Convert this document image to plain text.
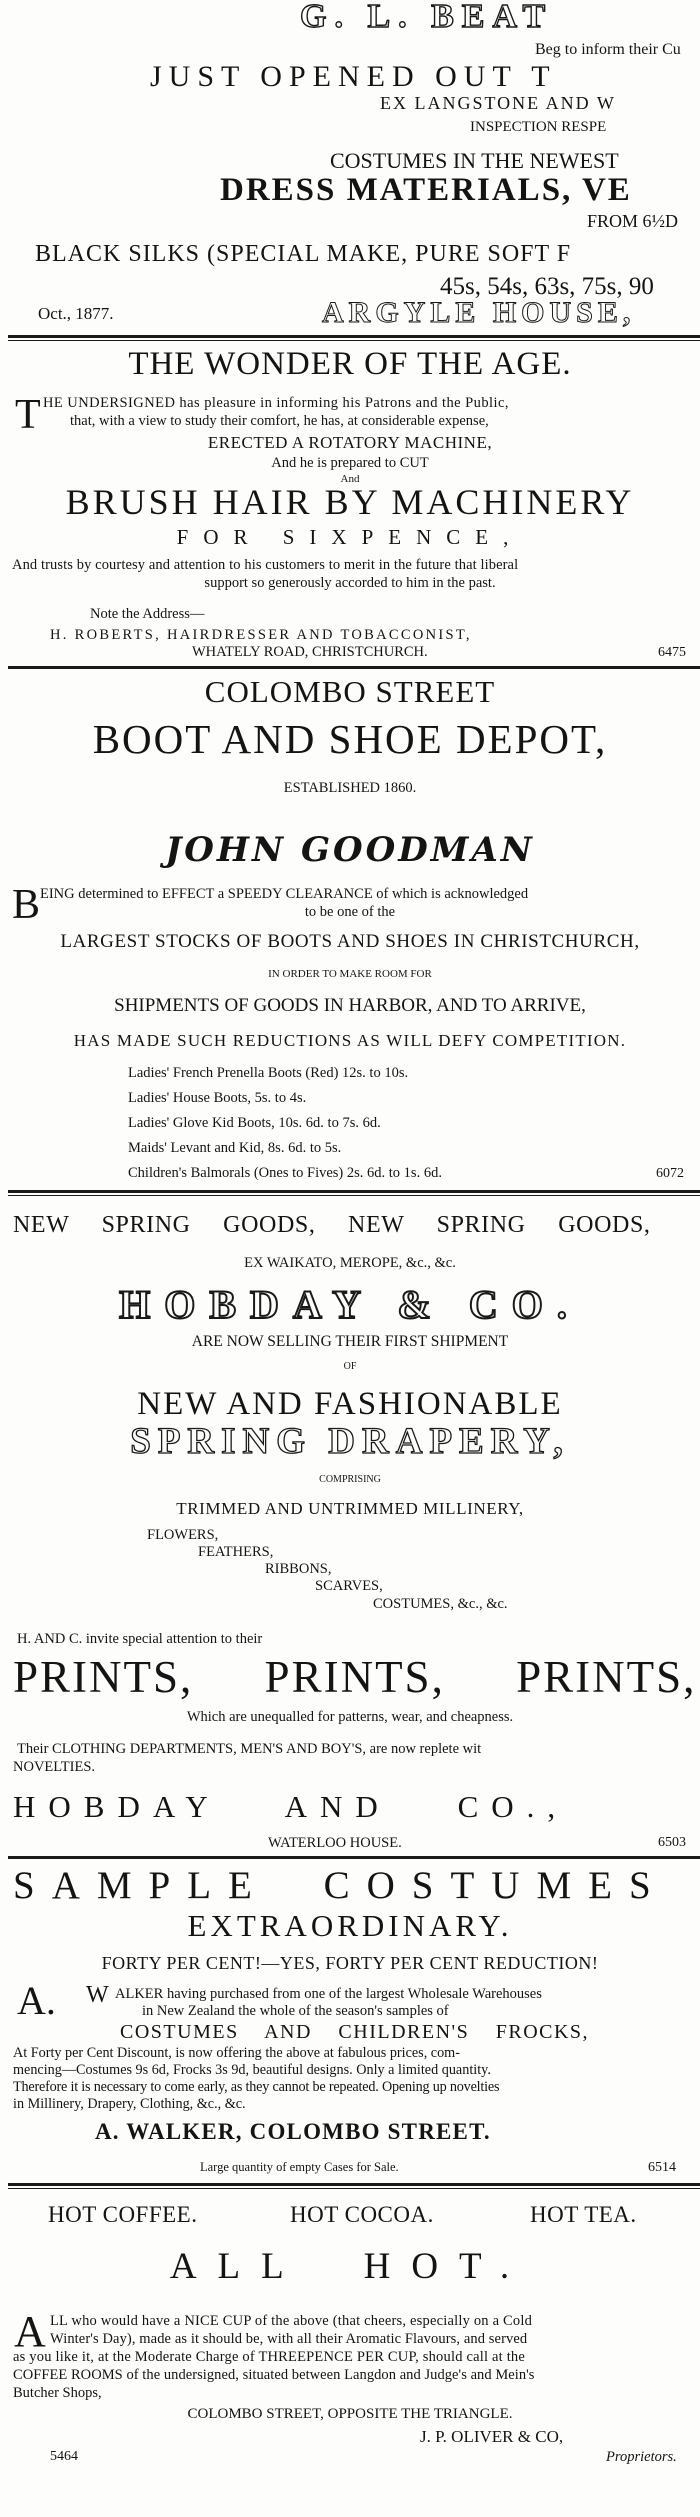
G. L. BEAT
Beg to inform their Cu
JUST OPENED OUT T
EX LANGSTONE AND W
INSPECTION RESPE
COSTUMES IN THE NEWEST
DRESS MATERIALS, VE
FROM 6½D
BLACK SILKS (SPECIAL MAKE, PURE SOFT F
45s, 54s, 63s, 75s, 90
Oct., 1877.	ARGYLE HOUSE,
THE WONDER OF THE AGE.
T HE UNDERSIGNED has pleasure in informing his Patrons and the Public,
that, with a view to study their comfort, he has, at considerable expense,
ERECTED A ROTATORY MACHINE,
And he is prepared to CUT
And
BRUSH HAIR BY MACHINERY
FOR SIXPENCE,
And trusts by courtesy and attention to his customers to merit in the future that liberal
support so generously accorded to him in the past.
Note the Address—
H. ROBERTS, HAIRDRESSER AND TOBACCONIST,
WHATELY ROAD, CHRISTCHURCH.	6475
COLOMBO STREET
BOOT AND SHOE DEPOT,
ESTABLISHED 1860.
JOHN GOODMAN
B EING determined to EFFECT a SPEEDY CLEARANCE of which is acknowledged
to be one of the
LARGEST STOCKS OF BOOTS AND SHOES IN CHRISTCHURCH,
IN ORDER TO MAKE ROOM FOR
SHIPMENTS OF GOODS IN HARBOR, AND TO ARRIVE,
HAS MADE SUCH REDUCTIONS AS WILL DEFY COMPETITION.
Ladies' French Prenella Boots (Red) 12s. to 10s.
Ladies' House Boots, 5s. to 4s.
Ladies' Glove Kid Boots, 10s. 6d. to 7s. 6d.
Maids' Levant and Kid, 8s. 6d. to 5s.
Children's Balmorals (Ones to Fives) 2s. 6d. to 1s. 6d.	6072
NEW SPRING GOODS, NEW SPRING GOODS,
EX WAIKATO, MEROPE, &c., &c.
HOBDAY & CO.
ARE NOW SELLING THEIR FIRST SHIPMENT
OF
NEW AND FASHIONABLE
SPRING DRAPERY,
COMPRISING
TRIMMED AND UNTRIMMED MILLINERY,
FLOWERS,
FEATHERS,
RIBBONS,
SCARVES,
COSTUMES, &c., &c.
H. AND C. invite special attention to their
PRINTS, PRINTS, PRINTS,
Which are unequalled for patterns, wear, and cheapness.
Their CLOTHING DEPARTMENTS, MEN'S AND BOY'S, are now replete wit
NOVELTIES.
HOBDAY AND CO.,
WATERLOO HOUSE.	6503
SAMPLE COSTUMES
EXTRAORDINARY.
FORTY PER CENT!—YES, FORTY PER CENT REDUCTION!
A. W ALKER having purchased from one of the largest Wholesale Warehouses
in New Zealand the whole of the season's samples of
COSTUMES AND CHILDREN'S FROCKS,
At Forty per Cent Discount, is now offering the above at fabulous prices, com-
mencing—Costumes 9s 6d, Frocks 3s 9d, beautiful designs. Only a limited quantity.
Therefore it is necessary to come early, as they cannot be repeated. Opening up novelties
in Millinery, Drapery, Clothing, &c., &c.
A. WALKER, COLOMBO STREET.
Large quantity of empty Cases for Sale.	6514
HOT COFFEE.	HOT COCOA.	HOT TEA.
ALL HOT.
A LL who would have a NICE CUP of the above (that cheers, especially on a Cold
Winter's Day), made as it should be, with all their Aromatic Flavours, and served
as you like it, at the Moderate Charge of THREEPENCE PER CUP, should call at the
COFFEE ROOMS of the undersigned, situated between Langdon and Judge's and Mein's
Butcher Shops,
COLOMBO STREET, OPPOSITE THE TRIANGLE.
J. P. OLIVER & CO,
5464	Proprietors.
